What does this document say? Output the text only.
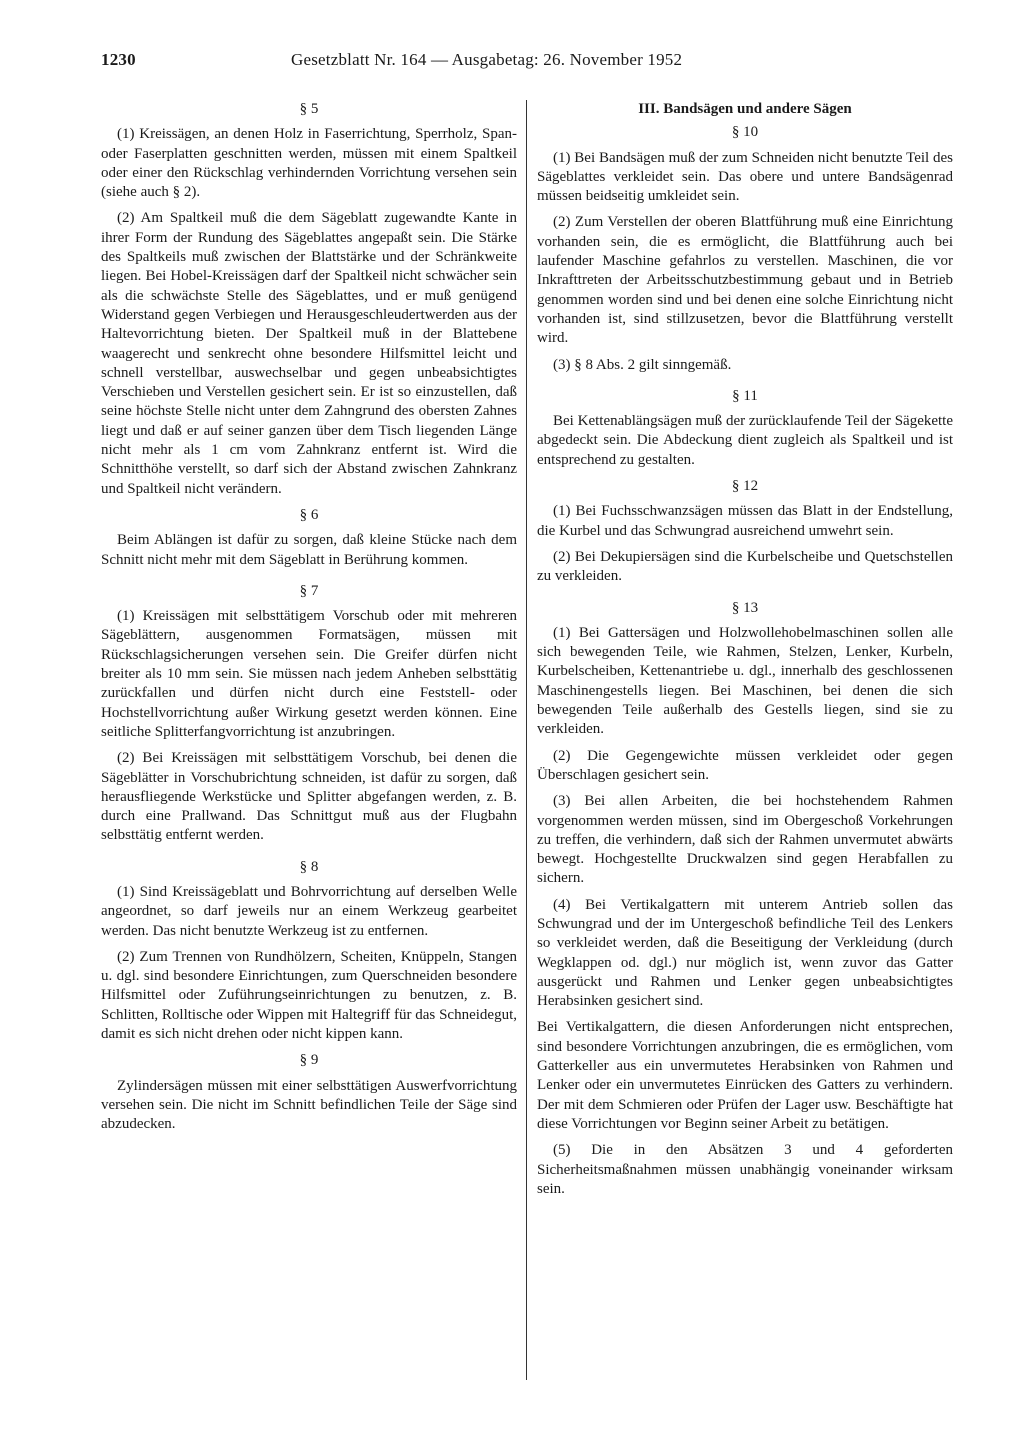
1230	Gesetzblatt Nr. 164 — Ausgabetag: 26. November 1952
§ 5

(1) Kreissägen, an denen Holz in Faserrichtung, Sperrholz, Span- oder Faserplatten geschnitten werden, müssen mit einem Spaltkeil oder einer den Rückschlag verhindernden Vorrichtung versehen sein (siehe auch § 2).

(2) Am Spaltkeil muß die dem Sägeblatt zugewandte Kante in ihrer Form der Rundung des Sägeblattes angepaßt sein. Die Stärke des Spaltkeils muß zwischen der Blattstärke und der Schränkweite liegen. Bei Hobel-Kreissägen darf der Spaltkeil nicht schwächer sein als die schwächste Stelle des Sägeblattes, und er muß genügend Widerstand gegen Verbiegen und Herausgeschleudertwerden aus der Haltevorrichtung bieten. Der Spaltkeil muß in der Blattebene waagerecht und senkrecht ohne besondere Hilfsmittel leicht und schnell verstellbar, auswechselbar und gegen unbeabsichtigtes Verschieben und Verstellen gesichert sein. Er ist so einzustellen, daß seine höchste Stelle nicht unter dem Zahngrund des obersten Zahnes liegt und daß er auf seiner ganzen über dem Tisch liegenden Länge nicht mehr als 1 cm vom Zahnkranz entfernt ist. Wird die Schnitthöhe verstellt, so darf sich der Abstand zwischen Zahnkranz und Spaltkeil nicht verändern.

§ 6

Beim Ablängen ist dafür zu sorgen, daß kleine Stücke nach dem Schnitt nicht mehr mit dem Sägeblatt in Berührung kommen.

§ 7

(1) Kreissägen mit selbsttätigem Vorschub oder mit mehreren Sägeblättern, ausgenommen Formatsägen, müssen mit Rückschlagsicherungen versehen sein. Die Greifer dürfen nicht breiter als 10 mm sein. Sie müssen nach jedem Anheben selbsttätig zurückfallen und dürfen nicht durch eine Feststell- oder Hochstellvorrichtung außer Wirkung gesetzt werden können. Eine seitliche Splitterfangvorrichtung ist anzubringen.

(2) Bei Kreissägen mit selbsttätigem Vorschub, bei denen die Sägeblätter in Vorschubrichtung schneiden, ist dafür zu sorgen, daß herausfliegende Werkstücke und Splitter abgefangen werden, z. B. durch eine Prallwand. Das Schnittgut muß aus der Flugbahn selbsttätig entfernt werden.

§ 8

(1) Sind Kreissägeblatt und Bohrvorrichtung auf derselben Welle angeordnet, so darf jeweils nur an einem Werkzeug gearbeitet werden. Das nicht benutzte Werkzeug ist zu entfernen.

(2) Zum Trennen von Rundhölzern, Scheiten, Knüppeln, Stangen u. dgl. sind besondere Einrichtungen, zum Querschneiden besondere Hilfsmittel oder Zuführungseinrichtungen zu benutzen, z. B. Schlitten, Rolltische oder Wippen mit Haltegriff für das Schneidegut, damit es sich nicht drehen oder nicht kippen kann.

§ 9

Zylindersägen müssen mit einer selbsttätigen Auswerfvorrichtung versehen sein. Die nicht im Schnitt befindlichen Teile der Säge sind abzudecken.

III. Bandsägen und andere Sägen
§ 10

(1) Bei Bandsägen muß der zum Schneiden nicht benutzte Teil des Sägeblattes verkleidet sein. Das obere und untere Bandsägenrad müssen beidseitig umkleidet sein.

(2) Zum Verstellen der oberen Blattführung muß eine Einrichtung vorhanden sein, die es ermöglicht, die Blattführung auch bei laufender Maschine gefahrlos zu verstellen. Maschinen, die vor Inkrafttreten der Arbeitsschutzbestimmung gebaut und in Betrieb genommen worden sind und bei denen eine solche Einrichtung nicht vorhanden ist, sind stillzusetzen, bevor die Blattführung verstellt wird.

(3) § 8 Abs. 2 gilt sinngemäß.

§ 11

Bei Kettenablängsägen muß der zurücklaufende Teil der Sägekette abgedeckt sein. Die Abdeckung dient zugleich als Spaltkeil und ist entsprechend zu gestalten.

§ 12

(1) Bei Fuchsschwanzsägen müssen das Blatt in der Endstellung, die Kurbel und das Schwungrad ausreichend umwehrt sein.

(2) Bei Dekupiersägen sind die Kurbelscheibe und Quetschstellen zu verkleiden.

§ 13

(1) Bei Gattersägen und Holzwollehobelmaschinen sollen alle sich bewegenden Teile, wie Rahmen, Stelzen, Lenker, Kurbeln, Kurbelscheiben, Kettenantriebe u. dgl., innerhalb des geschlossenen Maschinengestells liegen. Bei Maschinen, bei denen die sich bewegenden Teile außerhalb des Gestells liegen, sind sie zu verkleiden.

(2) Die Gegengewichte müssen verkleidet oder gegen Überschlagen gesichert sein.

(3) Bei allen Arbeiten, die bei hochstehendem Rahmen vorgenommen werden müssen, sind im Obergeschoß Vorkehrungen zu treffen, die verhindern, daß sich der Rahmen unvermutet abwärts bewegt. Hochgestellte Druckwalzen sind gegen Herabfallen zu sichern.

(4) Bei Vertikalgattern mit unterem Antrieb sollen das Schwungrad und der im Untergeschoß befindliche Teil des Lenkers so verkleidet werden, daß die Beseitigung der Verkleidung (durch Wegklappen od. dgl.) nur möglich ist, wenn zuvor das Gatter ausgerückt und Rahmen und Lenker gegen unbeabsichtigtes Herabsinken gesichert sind.

Bei Vertikalgattern, die diesen Anforderungen nicht entsprechen, sind besondere Vorrichtungen anzubringen, die es ermöglichen, vom Gatterkeller aus ein unvermutetes Herabsinken von Rahmen und Lenker oder ein unvermutetes Einrücken des Gatters zu verhindern. Der mit dem Schmieren oder Prüfen der Lager usw. Beschäftigte hat diese Vorrichtungen vor Beginn seiner Arbeit zu betätigen.

(5) Die in den Absätzen 3 und 4 geforderten Sicherheitsmaßnahmen müssen unabhängig voneinander wirksam sein.
